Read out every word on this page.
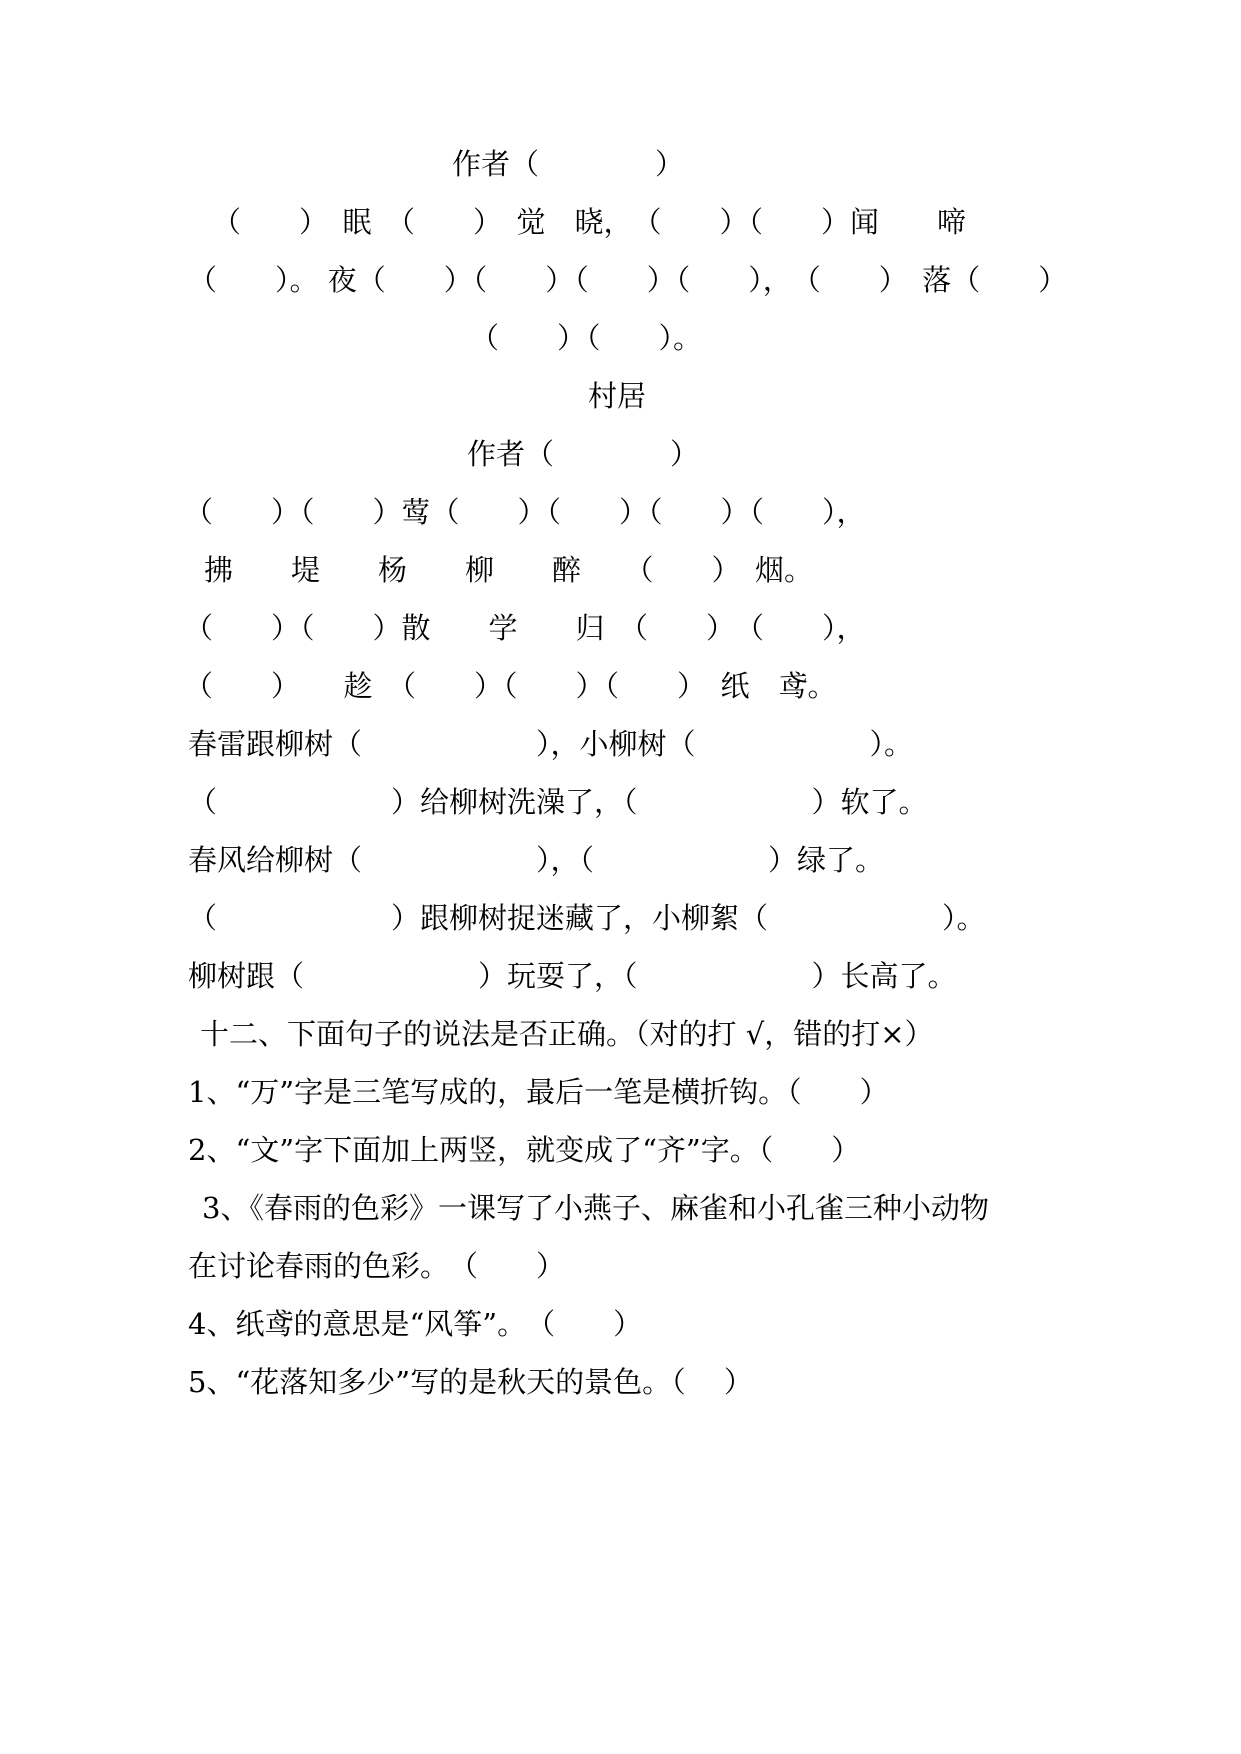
作者（　　　　）
（　　）　眠　（　　）　觉　晓，　（　　）（　　）闻　　啼
（　　）。 夜（　　）（　　）（　　）（　　），　（　　）　落（　　）
（　　）（　　）。
村居
作者（　　　　）
（　　）（　　）莺（　　）（　　）（　　）（　　），
拂　　堤　　杨　　柳　　醉　　（　　）　烟。
（　　）（　　）散　　学　　归　（　　）　（　　），
（　　）　　趁　（　　）（　　）（　　）　纸　鸢。
春雷跟柳树（　　　　　　），小柳树（　　　　　　）。
（　　　　　　）给柳树洗澡了，（　　　　　　）软了。
春风给柳树（　　　　　　），（　　　　　　）绿了。
（　　　　　　）跟柳树捉迷藏了，小柳絮（　　　　　　）。
柳树跟（　　　　　　）玩耍了，（　　　　　　）长高了。
十二、下面句子的说法是否正确。（对的打 √，错的打×）
1、“万”字是三笔写成的，最后一笔是横折钩。（　　）
2、“文”字下面加上两竖，就变成了“齐”字。（　　）
3、《春雨的色彩》一课写了小燕子、麻雀和小孔雀三种小动物
在讨论春雨的色彩。　（　　）
4、纸鸢的意思是“风筝”。　（　　）
5、“花落知多少”写的是秋天的景色。（　 ）
